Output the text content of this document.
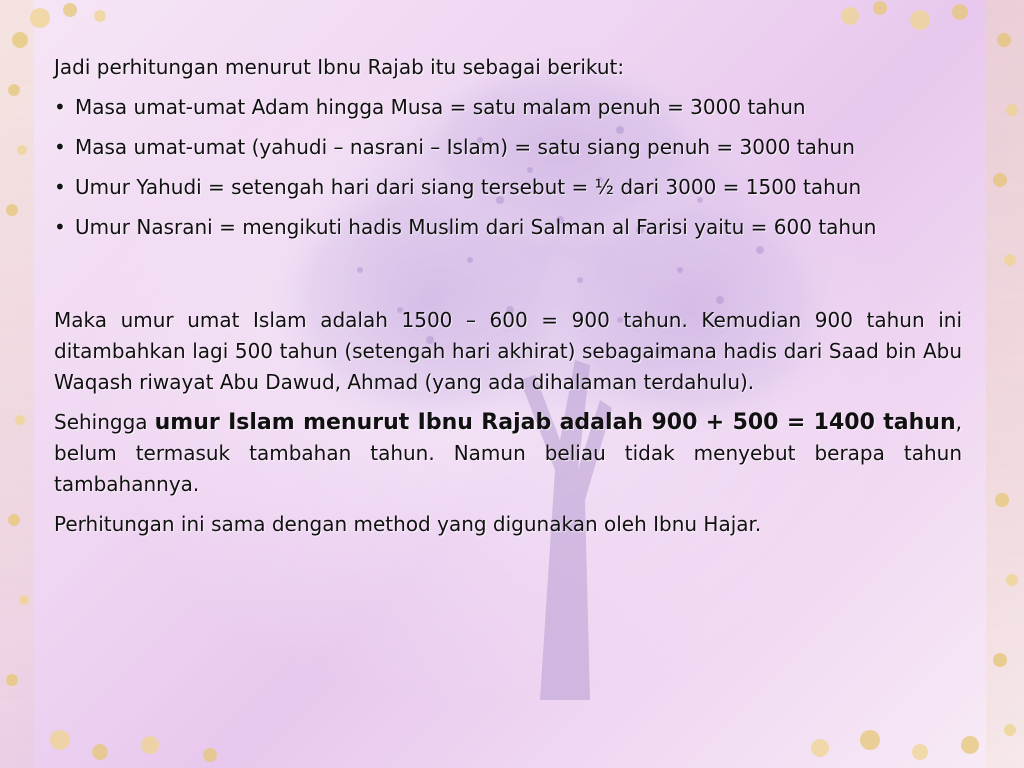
Jadi perhitungan menurut Ibnu Rajab itu sebagai berikut:

• Masa umat-umat Adam hingga Musa = satu malam penuh = 3000 tahun

• Masa umat-umat (yahudi – nasrani – Islam) = satu siang penuh = 3000 tahun

• Umur Yahudi = setengah hari dari siang tersebut = ½ dari 3000 = 1500 tahun

• Umur Nasrani = mengikuti hadis Muslim dari Salman al Farisi yaitu = 600 tahun

Maka umur umat Islam adalah 1500 – 600 = 900 tahun. Kemudian 900 tahun ini ditambahkan lagi 500 tahun (setengah hari akhirat) sebagaimana hadis dari Saad bin Abu Waqash riwayat Abu Dawud, Ahmad (yang ada dihalaman terdahulu).

Sehingga umur Islam menurut Ibnu Rajab adalah 900 + 500 = 1400 tahun, belum termasuk tambahan tahun. Namun beliau tidak menyebut berapa tahun tambahannya.

Perhitungan ini sama dengan method yang digunakan oleh Ibnu Hajar.
